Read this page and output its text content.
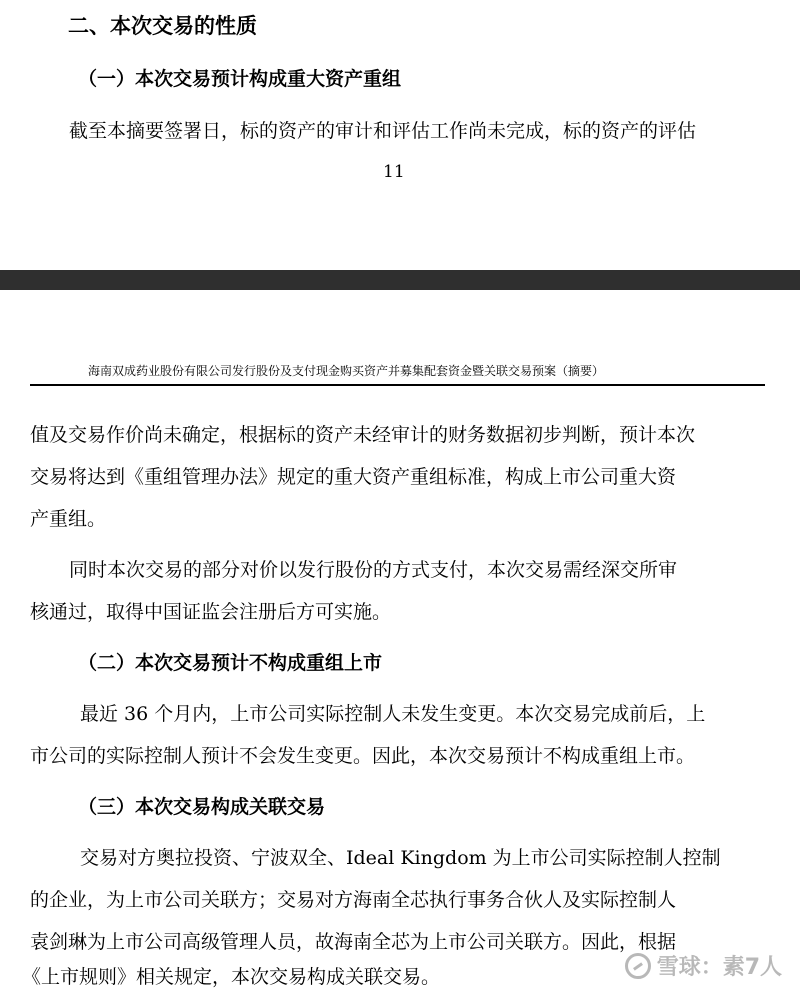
二、本次交易的性质
（一）本次交易预计构成重大资产重组
截至本摘要签署日，标的资产的审计和评估工作尚未完成，标的资产的评估
11
海南双成药业股份有限公司发行股份及支付现金购买资产并募集配套资金暨关联交易预案（摘要）
值及交易作价尚未确定，根据标的资产未经审计的财务数据初步判断，预计本次
交易将达到《重组管理办法》规定的重大资产重组标准，构成上市公司重大资
产重组。
同时本次交易的部分对价以发行股份的方式支付，本次交易需经深交所审
核通过，取得中国证监会注册后方可实施。
（二）本次交易预计不构成重组上市
最近 36 个月内，上市公司实际控制人未发生变更。本次交易完成前后，上
市公司的实际控制人预计不会发生变更。因此，本次交易预计不构成重组上市。
（三）本次交易构成关联交易
交易对方奥拉投资、宁波双全、Ideal Kingdom 为上市公司实际控制人控制
的企业，为上市公司关联方；交易对方海南全芯执行事务合伙人及实际控制人
袁剑琳为上市公司高级管理人员，故海南全芯为上市公司关联方。因此，根据
《上市规则》相关规定，本次交易构成关联交易。	雪球：素7人
